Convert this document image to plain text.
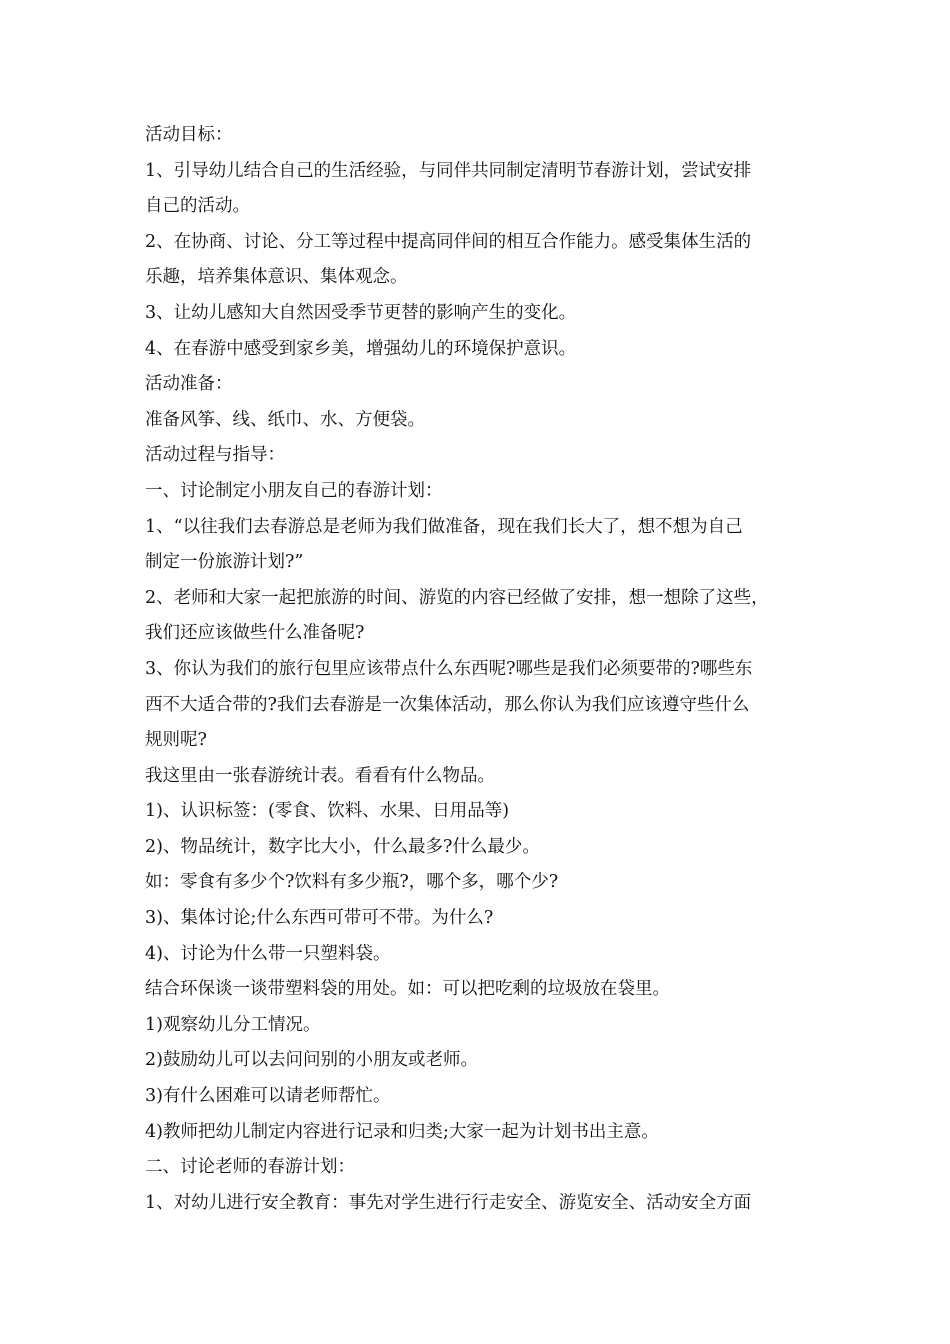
活动目标：
1、引导幼儿结合自己的生活经验，与同伴共同制定清明节春游计划，尝试安排
自己的活动。
2、在协商、讨论、分工等过程中提高同伴间的相互合作能力。感受集体生活的
乐趣，培养集体意识、集体观念。
3、让幼儿感知大自然因受季节更替的影响产生的变化。
4、在春游中感受到家乡美，增强幼儿的环境保护意识。
活动准备：
准备风筝、线、纸巾、水、方便袋。
活动过程与指导：
一、讨论制定小朋友自己的春游计划：
1、“以往我们去春游总是老师为我们做准备，现在我们长大了，想不想为自己
制定一份旅游计划?”
2、老师和大家一起把旅游的时间、游览的内容已经做了安排，想一想除了这些，
我们还应该做些什么准备呢?
3、你认为我们的旅行包里应该带点什么东西呢?哪些是我们必须要带的?哪些东
西不大适合带的?我们去春游是一次集体活动，那么你认为我们应该遵守些什么
规则呢?
我这里由一张春游统计表。看看有什么物品。
1)、认识标签：(零食、饮料、水果、日用品等)
2)、物品统计，数字比大小，什么最多?什么最少。
如：零食有多少个?饮料有多少瓶?，哪个多，哪个少?
3)、集体讨论;什么东西可带可不带。为什么?
4)、讨论为什么带一只塑料袋。
结合环保谈一谈带塑料袋的用处。如：可以把吃剩的垃圾放在袋里。
1)观察幼儿分工情况。
2)鼓励幼儿可以去问问别的小朋友或老师。
3)有什么困难可以请老师帮忙。
4)教师把幼儿制定内容进行记录和归类;大家一起为计划书出主意。
二、讨论老师的春游计划：
1、对幼儿进行安全教育：事先对学生进行行走安全、游览安全、活动安全方面
